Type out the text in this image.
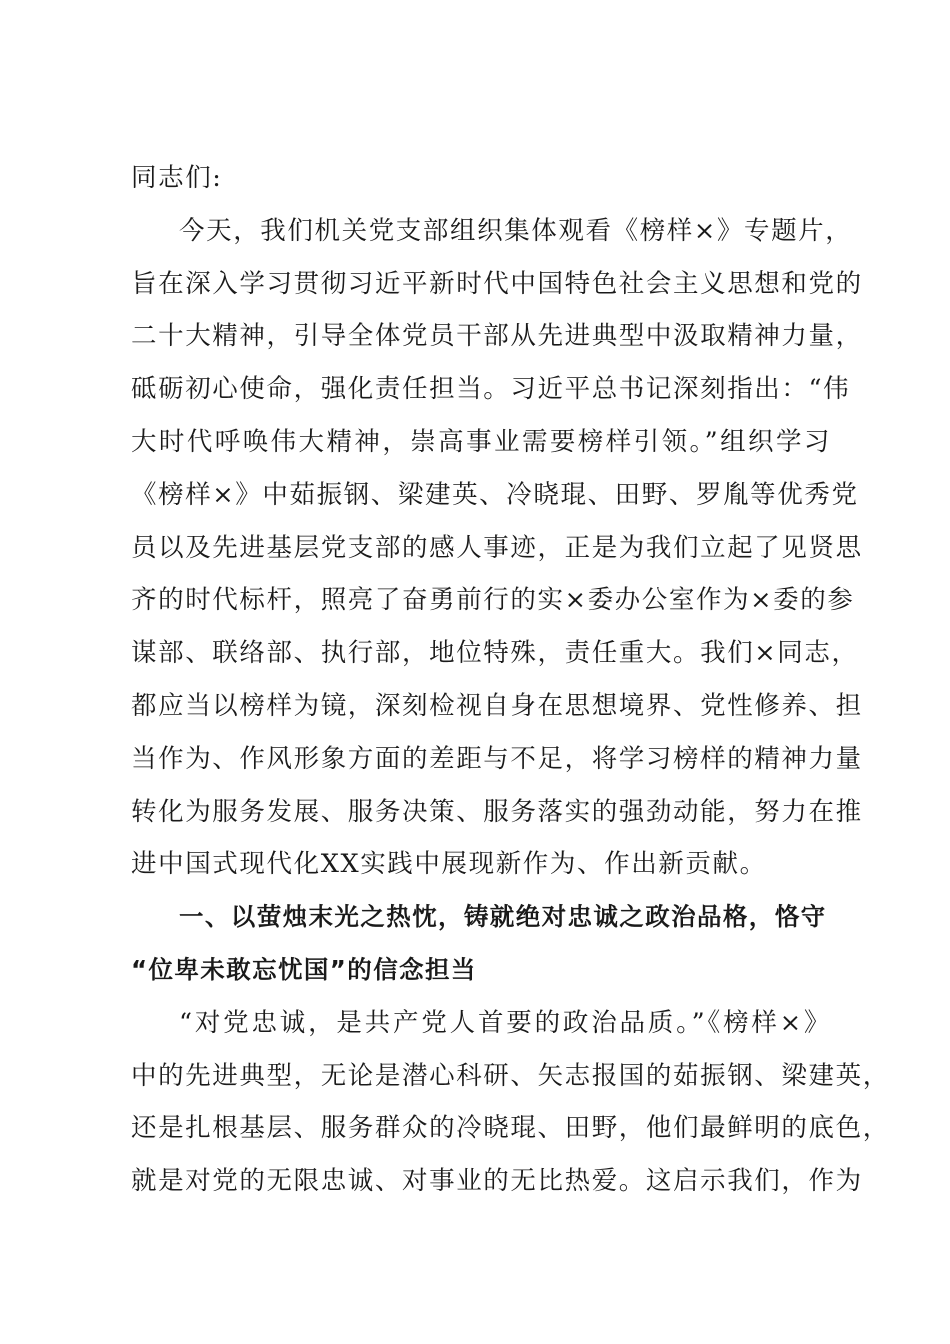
同志们:
今天，我们机关党支部组织集体观看《榜样×》专题片，
旨在深入学习贯彻习近平新时代中国特色社会主义思想和党的
二十大精神，引导全体党员干部从先进典型中汲取精神力量，
砥砺初心使命，强化责任担当。习近平总书记深刻指出：“伟
大时代呼唤伟大精神，崇高事业需要榜样引领。”组织学习
《榜样×》中茹振钢、梁建英、冷晓琨、田野、罗胤等优秀党
员以及先进基层党支部的感人事迹，正是为我们立起了见贤思
齐的时代标杆，照亮了奋勇前行的实×委办公室作为×委的参
谋部、联络部、执行部，地位特殊，责任重大。我们×同志，
都应当以榜样为镜，深刻检视自身在思想境界、党性修养、担
当作为、作风形象方面的差距与不足，将学习榜样的精神力量
转化为服务发展、服务决策、服务落实的强劲动能，努力在推
进中国式现代化XX实践中展现新作为、作出新贡献。
一、以萤烛末光之热忱，铸就绝对忠诚之政治品格，恪守
“位卑未敢忘忧国”的信念担当
“对党忠诚，是共产党人首要的政治品质。”《榜样×》
中的先进典型，无论是潜心科研、矢志报国的茹振钢、梁建英，
还是扎根基层、服务群众的冷晓琨、田野，他们最鲜明的底色，
就是对党的无限忠诚、对事业的无比热爱。这启示我们，作为
